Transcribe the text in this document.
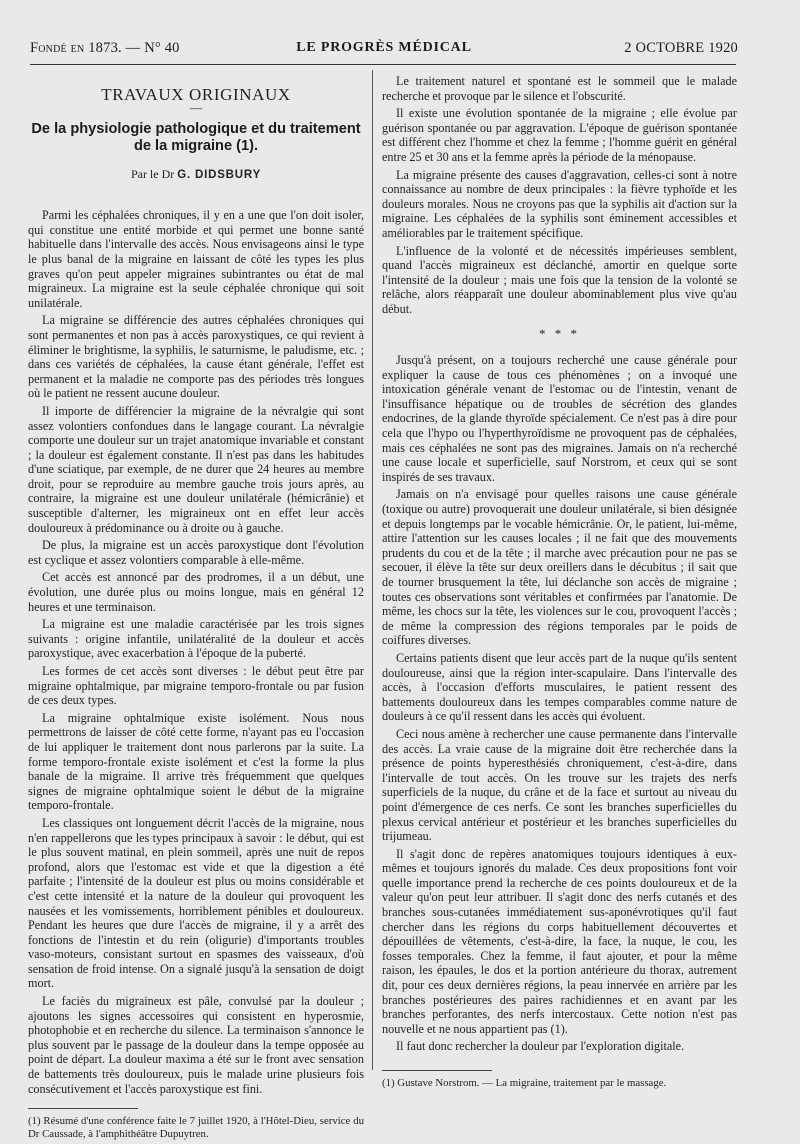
Fondé en 1873. — N° 40	LE PROGRÈS MÉDICAL	2 OCTOBRE 1920
TRAVAUX ORIGINAUX
—
De la physiologie pathologique et du traitement
de la migraine (1).
Par le Dr G. DIDSBURY

Parmi les céphalées chroniques, il y en a une que l'on doit isoler, qui constitue une entité morbide et qui permet une bonne santé habituelle dans l'intervalle des accès. Nous envisageons ainsi le type le plus banal de la migraine en laissant de côté les types les plus graves qu'on peut appeler migraines subintrantes ou état de mal migraineux. La migraine est la seule céphalée chronique qui soit unilatérale.

La migraine se différencie des autres céphalées chroniques qui sont permanentes et non pas à accès paroxystiques, ce qui revient à éliminer le brightisme, la syphilis, le saturnisme, le paludisme, etc. ; dans ces variétés de céphalées, la cause étant générale, l'effet est permanent et la maladie ne comporte pas des périodes très longues où le patient ne ressent aucune douleur.

Il importe de différencier la migraine de la névralgie qui sont assez volontiers confondues dans le langage courant. La névralgie comporte une douleur sur un trajet anatomique invariable et constant ; la douleur est également constante. Il n'est pas dans les habitudes d'une sciatique, par exemple, de ne durer que 24 heures au membre droit, pour se reproduire au membre gauche trois jours après, au contraire, la migraine est une douleur unilatérale (hémicrânie) et susceptible d'alterner, les migraineux ont en effet leur accès douloureux à prédominance ou à droite ou à gauche.

De plus, la migraine est un accès paroxystique dont l'évolution est cyclique et assez volontiers comparable à elle-même.

Cet accès est annoncé par des prodromes, il a un début, une évolution, une durée plus ou moins longue, mais en général 12 heures et une terminaison.

La migraine est une maladie caractérisée par les trois signes suivants : origine infantile, unilatéralité de la douleur et accès paroxystique, avec exacerbation à l'époque de la puberté.

Les formes de cet accès sont diverses : le début peut être par migraine ophtalmique, par migraine temporo-frontale ou par fusion de ces deux types.

La migraine ophtalmique existe isolément. Nous nous permettrons de laisser de côté cette forme, n'ayant pas eu l'occasion de lui appliquer le traitement dont nous parlerons par la suite. La forme temporo-frontale existe isolément et c'est la forme la plus banale de la migraine. Il arrive très fréquemment que quelques signes de migraine ophtalmique soient le début de la migraine temporo-frontale.

Les classiques ont longuement décrit l'accès de la migraine, nous n'en rappellerons que les types principaux à savoir : le début, qui est le plus souvent matinal, en plein sommeil, après une nuit de repos profond, alors que l'estomac est vide et que la digestion a été parfaite ; l'intensité de la douleur est plus ou moins considérable et c'est cette intensité et la nature de la douleur qui provoquent les nausées et les vomissements, horriblement pénibles et douloureux. Pendant les heures que dure l'accès de migraine, il y a arrêt des fonctions de l'intestin et du rein (oligurie) d'importants troubles vaso-moteurs, consistant surtout en spasmes des vaisseaux, d'où sensation de froid intense. On a signalé jusqu'à la sensation de doigt mort.

Le faciès du migraineux est pâle, convulsé par la douleur ; ajoutons les signes accessoires qui consistent en hyperosmie, photophobie et en recherche du silence. La terminaison s'annonce le plus souvent par le passage de la douleur dans la tempe opposée au point de départ. La douleur maxima a été sur le front avec sensation de battements très douloureux, puis le malade urine plusieurs fois consécutivement et l'accès paroxystique est fini.

(1) Résumé d'une conférence faite le 7 juillet 1920, à l'Hôtel-Dieu, service du Dr Caussade, à l'amphithéâtre Dupuytren.

Le traitement naturel et spontané est le sommeil que le malade recherche et provoque par le silence et l'obscurité.

Il existe une évolution spontanée de la migraine ; elle évolue par guérison spontanée ou par aggravation. L'époque de guérison spontanée est différent chez l'homme et chez la femme ; l'homme guérit en général entre 25 et 30 ans et la femme après la période de la ménopause.

La migraine présente des causes d'aggravation, celles-ci sont à notre connaissance au nombre de deux principales : la fièvre typhoïde et les douleurs morales. Nous ne croyons pas que la syphilis ait d'action sur la migraine. Les céphalées de la syphilis sont éminement accessibles et améliorables par le traitement spécifique.

L'influence de la volonté et de nécessités impérieuses semblent, quand l'accès migraineux est déclanché, amortir en quelque sorte l'intensité de la douleur ; mais une fois que la tension de la volonté se relâche, alors réapparaît une douleur abominablement plus vive qu'au début.

* * *

Jusqu'à présent, on a toujours recherché une cause générale pour expliquer la cause de tous ces phénomènes ; on a invoqué une intoxication générale venant de l'estomac ou de l'intestin, venant de l'insuffisance hépatique ou de troubles de sécrétion des glandes endocrines, de la glande thyroïde spécialement. Ce n'est pas à dire pour cela que l'hypo ou l'hyperthyroïdisme ne provoquent pas de céphalées, mais ces céphalées ne sont pas des migraines. Jamais on n'a recherché une cause locale et superficielle, sauf Norstrom, et ceux qui se sont inspirés de ses travaux.

Jamais on n'a envisagé pour quelles raisons une cause générale (toxique ou autre) provoquerait une douleur unilatérale, si bien désignée et depuis longtemps par le vocable hémicrânie. Or, le patient, lui-même, attire l'attention sur les causes locales ; il ne fait que des mouvements prudents du cou et de la tête ; il marche avec précaution pour ne pas se secouer, il élève la tête sur deux oreillers dans le décubitus ; il sait que de tourner brusquement la tête, lui déclanche son accès de migraine ; toutes ces observations sont véritables et confirmées par l'anatomie. De même, les chocs sur la tête, les violences sur le cou, provoquent l'accès ; de même la compression des régions temporales par le poids de coiffures diverses.

Certains patients disent que leur accès part de la nuque qu'ils sentent douloureuse, ainsi que la région inter-scapulaire. Dans l'intervalle des accès, à l'occasion d'efforts musculaires, le patient ressent des battements douloureux dans les tempes comparables comme nature de douleurs à ce qu'il ressent dans les accès qui évoluent.

Ceci nous amène à rechercher une cause permanente dans l'intervalle des accès. La vraie cause de la migraine doit être recherchée dans la présence de points hyperesthésiés chroniquement, c'est-à-dire, dans l'intervalle de tout accès. On les trouve sur les trajets des nerfs superficiels de la nuque, du crâne et de la face et surtout au niveau du point d'émergence de ces nerfs. Ce sont les branches superficielles du plexus cervical antérieur et postérieur et les branches superficielles du trijumeau.

Il s'agit donc de repères anatomiques toujours identiques à eux-mêmes et toujours ignorés du malade. Ces deux propositions font voir quelle importance prend la recherche de ces points douloureux et de la valeur qu'on peut leur attribuer. Il s'agit donc des nerfs cutanés et des branches sous-cutanées immédiatement sus-aponévrotiques qu'il faut chercher dans les régions du corps habituellement découvertes et dépouillées de vêtements, c'est-à-dire, la face, la nuque, le cou, les fosses temporales. Chez la femme, il faut ajouter, et pour la même raison, les épaules, le dos et la portion antérieure du thorax, autrement dit, pour ces deux dernières régions, la peau innervée en arrière par les branches postérieures des paires rachidiennes et en avant par les branches perforantes, des nerfs intercostaux. Cette notion n'est pas nouvelle et ne nous appartient pas (1).

Il faut donc rechercher la douleur par l'exploration digitale.

(1) Gustave Norstrom. — La migraine, traitement par le massage.
